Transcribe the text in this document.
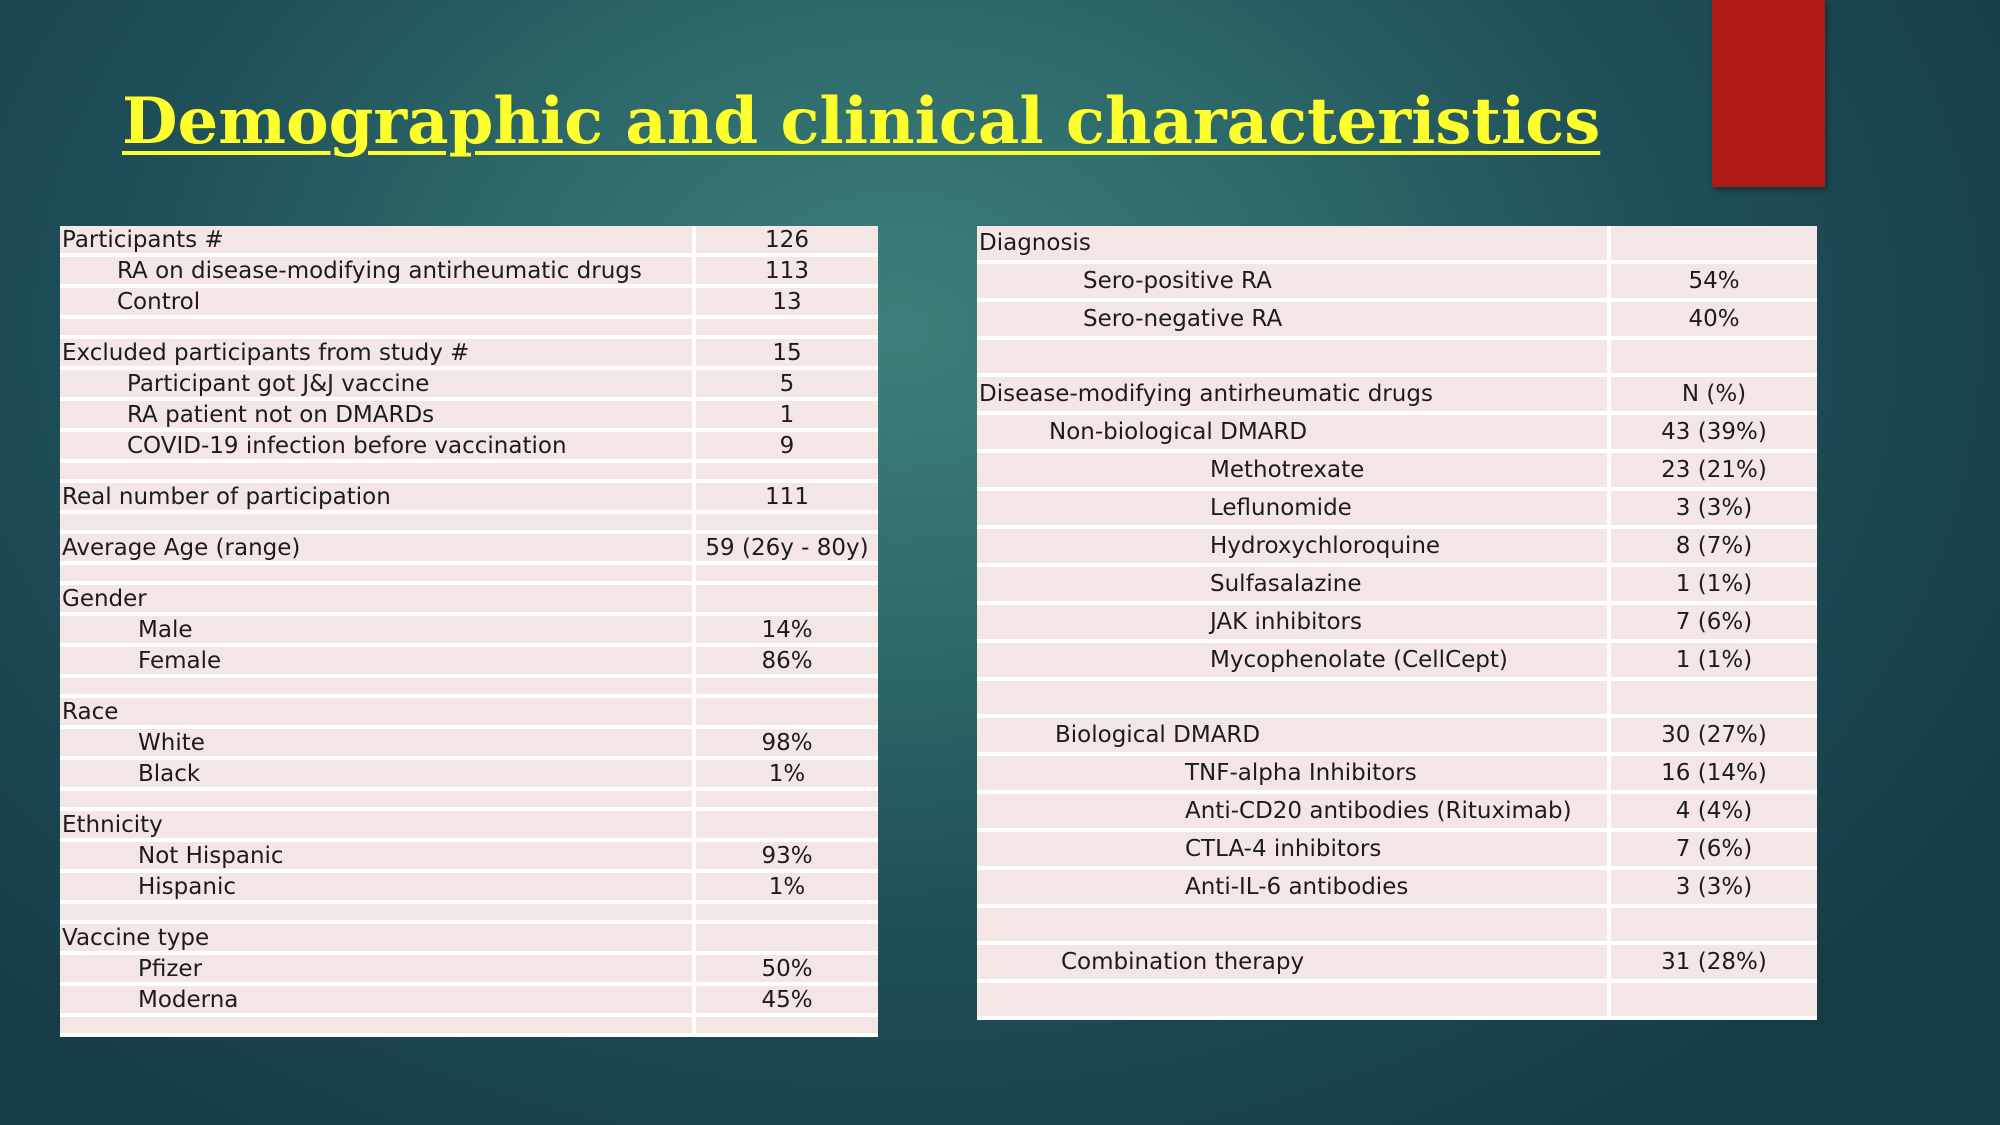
Demographic and clinical characteristics
Participants #	126
RA on disease-modifying antirheumatic drugs	113
Control	13

Excluded participants from study #	15
Participant got J&J vaccine	5
RA patient not on DMARDs	1
COVID-19 infection before vaccination	9

Real number of participation	111

Average Age (range)	59 (26y - 80y)

Gender	
Male	14%
Female	86%

Race	
White	98%
Black	1%

Ethnicity	
Not Hispanic	93%
Hispanic	1%

Vaccine type	
Pfizer	50%
Moderna	45%

Diagnosis	
Sero-positive RA	54%
Sero-negative RA	40%

Disease-modifying antirheumatic drugs	N (%)
Non-biological DMARD	43 (39%)
Methotrexate	23 (21%)
Leflunomide	3 (3%)
Hydroxychloroquine	8 (7%)
Sulfasalazine	1 (1%)
JAK inhibitors	7 (6%)
Mycophenolate (CellCept)	1 (1%)

Biological DMARD	30 (27%)
TNF-alpha Inhibitors	16 (14%)
Anti-CD20 antibodies (Rituximab)	4 (4%)
CTLA-4 inhibitors	7 (6%)
Anti-IL-6 antibodies	3 (3%)

Combination therapy	31 (28%)
